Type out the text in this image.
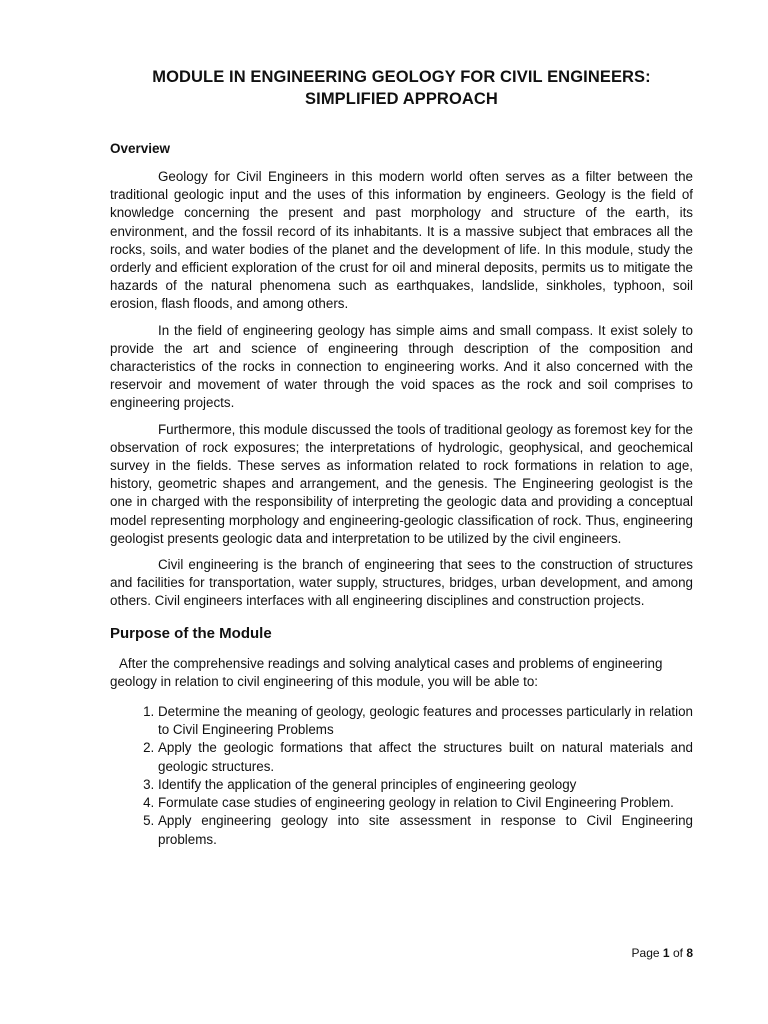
MODULE IN ENGINEERING GEOLOGY FOR CIVIL ENGINEERS:
SIMPLIFIED APPROACH
Overview

Geology for Civil Engineers in this modern world often serves as a filter between the traditional geologic input and the uses of this information by engineers. Geology is the field of knowledge concerning the present and past morphology and structure of the earth, its environment, and the fossil record of its inhabitants. It is a massive subject that embraces all the rocks, soils, and water bodies of the planet and the development of life. In this module, study the orderly and efficient exploration of the crust for oil and mineral deposits, permits us to mitigate the hazards of the natural phenomena such as earthquakes, landslide, sinkholes, typhoon, soil erosion, flash floods, and among others.

In the field of engineering geology has simple aims and small compass. It exist solely to provide the art and science of engineering through description of the composition and characteristics of the rocks in connection to engineering works. And it also concerned with the reservoir and movement of water through the void spaces as the rock and soil comprises to engineering projects.

Furthermore, this module discussed the tools of traditional geology as foremost key for the observation of rock exposures; the interpretations of hydrologic, geophysical, and geochemical survey in the fields. These serves as information related to rock formations in relation to age, history, geometric shapes and arrangement, and the genesis. The Engineering geologist is the one in charged with the responsibility of interpreting the geologic data and providing a conceptual model representing morphology and engineering-geologic classification of rock. Thus, engineering geologist presents geologic data and interpretation to be utilized by the civil engineers.

Civil engineering is the branch of engineering that sees to the construction of structures and facilities for transportation, water supply, structures, bridges, urban development, and among others. Civil engineers interfaces with all engineering disciplines and construction projects.

Purpose of the Module

After the comprehensive readings and solving analytical cases and problems of engineering geology in relation to civil engineering of this module, you will be able to:

1. Determine the meaning of geology, geologic features and processes particularly in relation to Civil Engineering Problems
2. Apply the geologic formations that affect the structures built on natural materials and geologic structures.
3. Identify the application of the general principles of engineering geology
4. Formulate case studies of engineering geology in relation to Civil Engineering Problem.
5. Apply engineering geology into site assessment in response to Civil Engineering problems.
Page 1 of 8
